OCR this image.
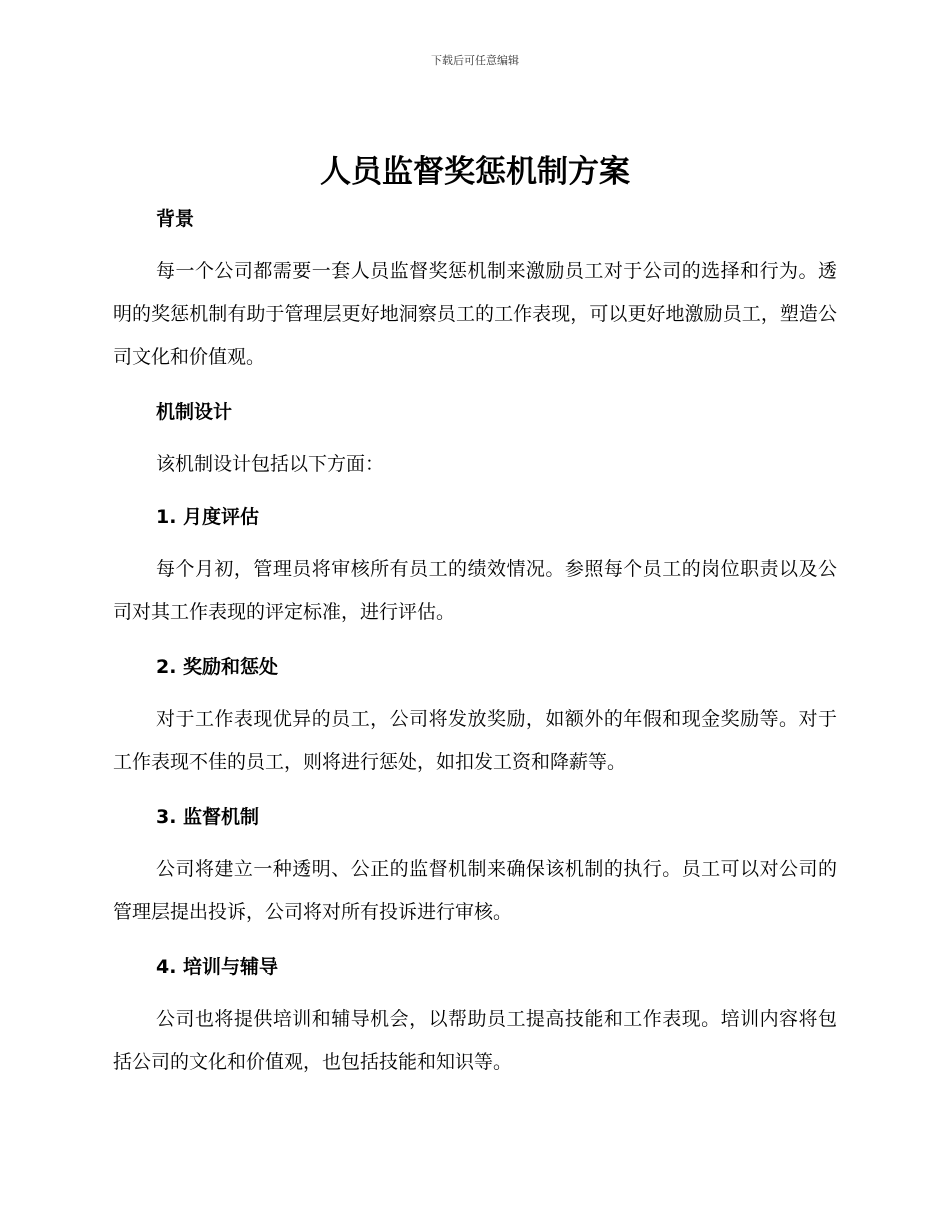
下载后可任意编辑
人员监督奖惩机制方案

背景

每一个公司都需要一套人员监督奖惩机制来激励员工对于公司的选择和行为。透明的奖惩机制有助于管理层更好地洞察员工的工作表现，可以更好地激励员工，塑造公司文化和价值观。

机制设计

该机制设计包括以下方面：

1. 月度评估

每个月初，管理员将审核所有员工的绩效情况。参照每个员工的岗位职责以及公司对其工作表现的评定标准，进行评估。

2. 奖励和惩处

对于工作表现优异的员工，公司将发放奖励，如额外的年假和现金奖励等。对于工作表现不佳的员工，则将进行惩处，如扣发工资和降薪等。

3. 监督机制

公司将建立一种透明、公正的监督机制来确保该机制的执行。员工可以对公司的管理层提出投诉，公司将对所有投诉进行审核。

4. 培训与辅导

公司也将提供培训和辅导机会，以帮助员工提高技能和工作表现。培训内容将包括公司的文化和价值观，也包括技能和知识等。
